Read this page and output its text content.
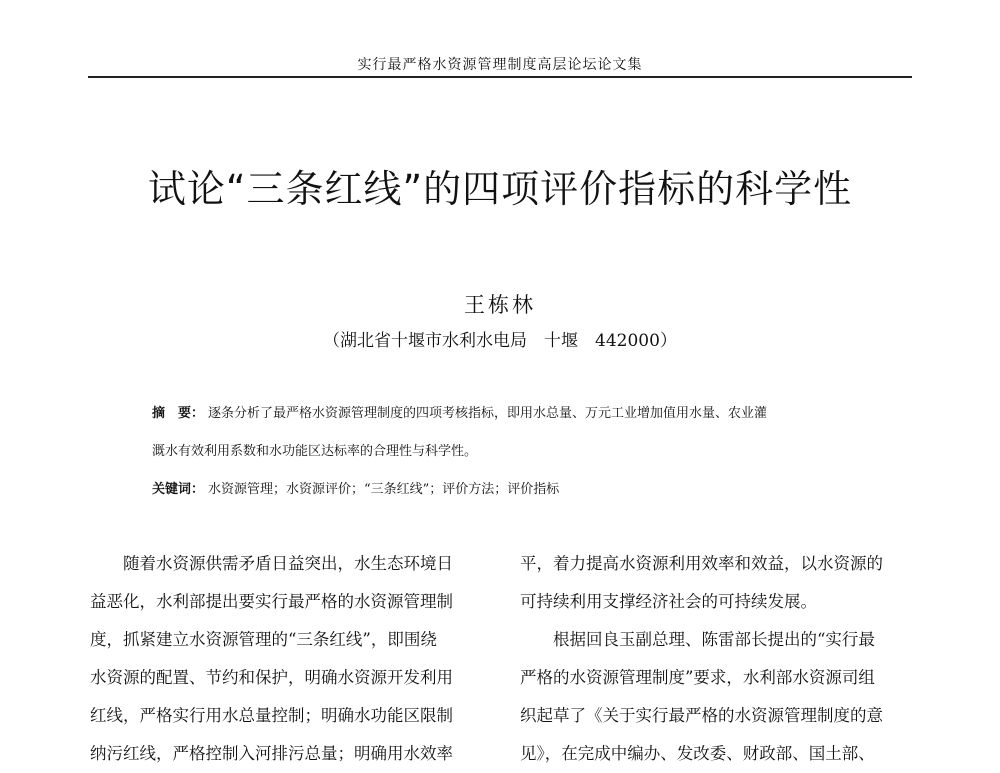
实行最严格水资源管理制度高层论坛论文集
试论“三条红线”的四项评价指标的科学性
王栋林
（湖北省十堰市水利水电局　十堰　442000）
摘　要： 逐条分析了最严格水资源管理制度的四项考核指标，即用水总量、万元工业增加值用水量、农业灌
溉水有效利用系数和水功能区达标率的合理性与科学性。
关键词： 水资源管理；水资源评价；“三条红线”；评价方法；评价指标
　　随着水资源供需矛盾日益突出，水生态环境日
益恶化，水利部提出要实行最严格的水资源管理制
度，抓紧建立水资源管理的“三条红线”，即围绕
水资源的配置、节约和保护，明确水资源开发利用
红线，严格实行用水总量控制；明确水功能区限制
纳污红线，严格控制入河排污总量；明确用水效率
平，着力提高水资源利用效率和效益，以水资源的
可持续利用支撑经济社会的可持续发展。
　　根据回良玉副总理、陈雷部长提出的“实行最
严格的水资源管理制度”要求，水利部水资源司组
织起草了《关于实行最严格的水资源管理制度的意
见》，在完成中编办、发改委、财政部、国土部、
